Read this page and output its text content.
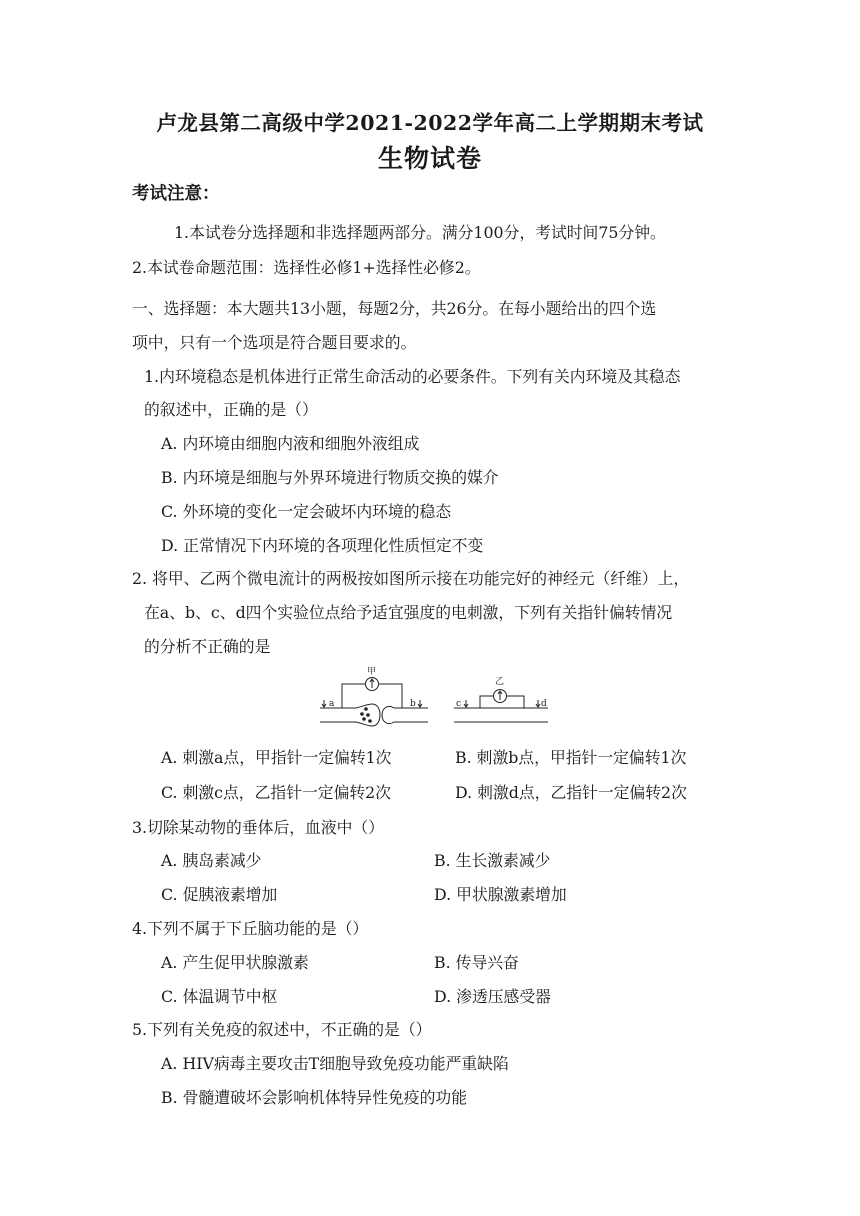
卢龙县第二高级中学2021-2022学年高二上学期期末考试
生物试卷
考试注意：
1.本试卷分选择题和非选择题两部分。满分100分，考试时间75分钟。
2.本试卷命题范围：选择性必修1+选择性必修2。
一、选择题：本大题共13小题，每题2分，共26分。在每小题给出的四个选
项中，只有一个选项是符合题目要求的。
1.内环境稳态是机体进行正常生命活动的必要条件。下列有关内环境及其稳态
的叙述中，正确的是（）
A. 内环境由细胞内液和细胞外液组成
B. 内环境是细胞与外界环境进行物质交换的媒介
C. 外环境的变化一定会破坏内环境的稳态
D. 正常情况下内环境的各项理化性质恒定不变
2. 将甲、乙两个微电流计的两极按如图所示接在功能完好的神经元（纤维）上，
在a、b、c、d四个实验位点给予适宜强度的电刺激，下列有关指针偏转情况
的分析不正确的是
甲
乙
a	b	c	d
A. 刺激a点，甲指针一定偏转1次	B. 刺激b点，甲指针一定偏转1次
C. 刺激c点，乙指针一定偏转2次	D. 刺激d点，乙指针一定偏转2次
3.切除某动物的垂体后，血液中（）
A. 胰岛素减少	B. 生长激素减少
C. 促胰液素增加	D. 甲状腺激素增加
4.下列不属于下丘脑功能的是（）
A. 产生促甲状腺激素	B. 传导兴奋
C. 体温调节中枢	D. 渗透压感受器
5.下列有关免疫的叙述中，不正确的是（）
A. HIV病毒主要攻击T细胞导致免疫功能严重缺陷
B. 骨髓遭破坏会影响机体特异性免疫的功能
